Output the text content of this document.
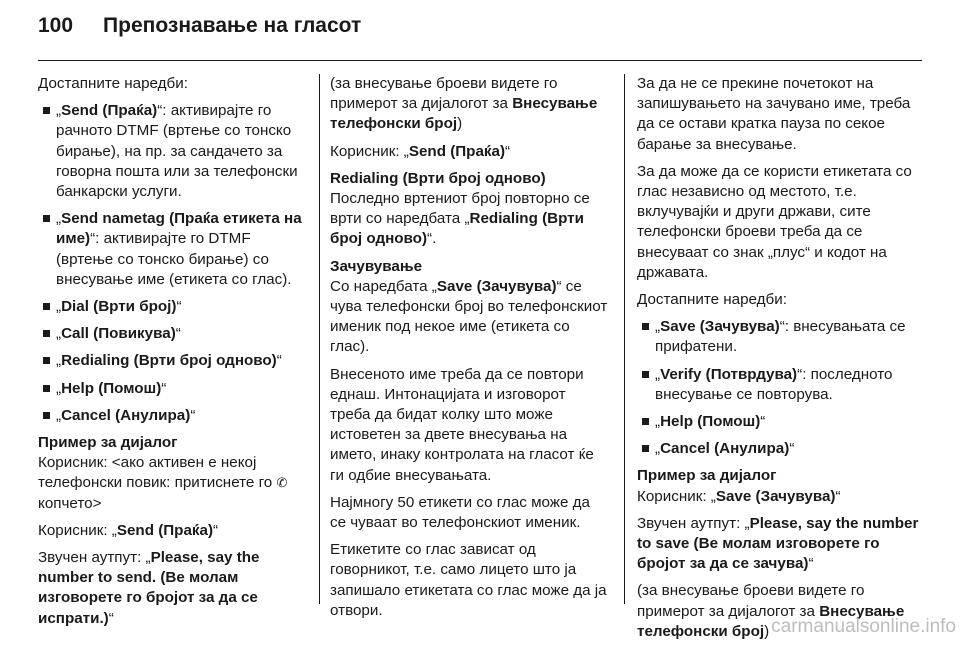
100 Препознавање на гласот

Достапните наредби:

„Send (Праќа)“: активирајте го рачното DTMF (вртење со тонско бирање), на пр. за сандачето за говорна пошта или за телефонски банкарски услуги.
„Send nametag (Праќа етикета на име)“: активирајте го DTMF (вртење со тонско бирање) со внесување име (етикета со глас).
„Dial (Врти број)“
„Call (Повикува)“
„Redialing (Врти број одново)“
„Help (Помош)“
„Cancel (Анулира)“

Пример за дијалог

Корисник: <ако активен е некој телефонски повик: притиснете го ✆ копчето>

Корисник: „Send (Праќа)“

Звучен аутпут: „Please, say the number to send. (Ве молам изговорете го бројот за да се испрати.)“

(за внесување броеви видете го примерот за дијалогот за Внесување телефонски број)

Корисник: „Send (Праќа)“

Redialing (Врти број одново)

Последно вртениот број повторно се врти со наредбата „Redialing (Врти број одново)“.

Зачувување

Со наредбата „Save (Зачувува)“ се чува телефонски број во телефонскиот именик под некое име (етикета со глас).

Внесеното име треба да се повтори еднаш. Интонацијата и изговорот треба да бидат колку што може истоветен за двете внесувања на името, инаку контролата на гласот ќе ги одбие внесувањата.

Најмногу 50 етикети со глас може да се чуваат во телефонскиот именик.

Етикетите со глас зависат од говорникот, т.е. само лицето што ја запишало етикетата со глас може да ја отвори.

За да не се прекине почетокот на запишувањето на зачувано име, треба да се остави кратка пауза по секое барање за внесување.

За да може да се користи етикетата со глас независно од местото, т.е. вклучувајќи и други држави, сите телефонски броеви треба да се внесуваат со знак „плус“ и кодот на државата.

Достапните наредби:

„Save (Зачувува)“: внесувањата се прифатени.
„Verify (Потврдува)“: последното внесување се повторува.
„Help (Помош)“
„Cancel (Анулира)“

Пример за дијалог

Корисник: „Save (Зачувува)“

Звучен аутпут: „Please, say the number to save (Ве молам изговорете го бројот за да се зачува)“

(за внесување броеви видете го примерот за дијалогот за Внесување телефонски број) carmanualsonline.info
